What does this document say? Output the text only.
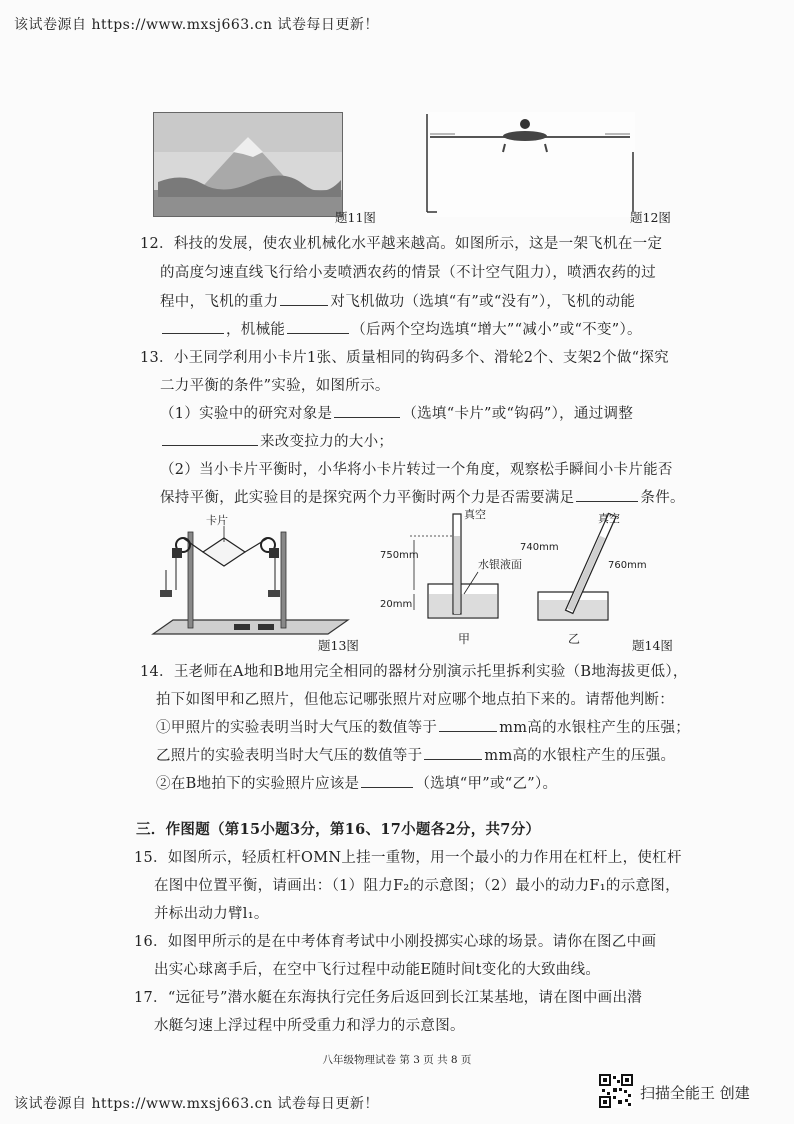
该试卷源自 https://www.mxsj663.cn 试卷每日更新！
题11图	题12图
12．科技的发展，使农业机械化水平越来越高。如图所示，这是一架飞机在一定
的高度匀速直线飞行给小麦喷洒农药的情景（不计空气阻力），喷洒农药的过
程中，飞机的重力	对飞机做功（选填“有”或“没有”），飞机的动能
，机械能	（后两个空均选填“增大”“减小”或“不变”）。
13．小王同学利用小卡片1张、质量相同的钩码多个、滑轮2个、支架2个做“探究
二力平衡的条件”实验，如图所示。
（1）实验中的研究对象是	（选填“卡片”或“钩码”），通过调整
来改变拉力的大小；
（2）当小卡片平衡时，小华将小卡片转过一个角度，观察松手瞬间小卡片能否
保持平衡，此实验目的是探究两个力平衡时两个力是否需要满足	条件。
卡片
题13图
真空
750mm
20mm
水银液面
甲
真空
740mm
760mm
乙	题14图
14．王老师在A地和B地用完全相同的器材分别演示托里拆利实验（B地海拔更低），
拍下如图甲和乙照片，但他忘记哪张照片对应哪个地点拍下来的。请帮他判断：
①甲照片的实验表明当时大气压的数值等于	mm高的水银柱产生的压强；
乙照片的实验表明当时大气压的数值等于	mm高的水银柱产生的压强。
②在B地拍下的实验照片应该是	（选填“甲”或“乙”）。
三．作图题（第15小题3分，第16、17小题各2分，共7分）
15．如图所示，轻质杠杆OMN上挂一重物，用一个最小的力作用在杠杆上，使杠杆
在图中位置平衡，请画出：（1）阻力F₂的示意图；（2）最小的动力F₁的示意图，
并标出动力臂l₁。
16．如图甲所示的是在中考体育考试中小刚投掷实心球的场景。请你在图乙中画
出实心球离手后，在空中飞行过程中动能E随时间t变化的大致曲线。
17．“远征号”潜水艇在东海执行完任务后返回到长江某基地，请在图中画出潜
水艇匀速上浮过程中所受重力和浮力的示意图。
八年级物理试卷 第 3 页 共 8 页
该试卷源自 https://www.mxsj663.cn 试卷每日更新！
扫描全能王 创建
